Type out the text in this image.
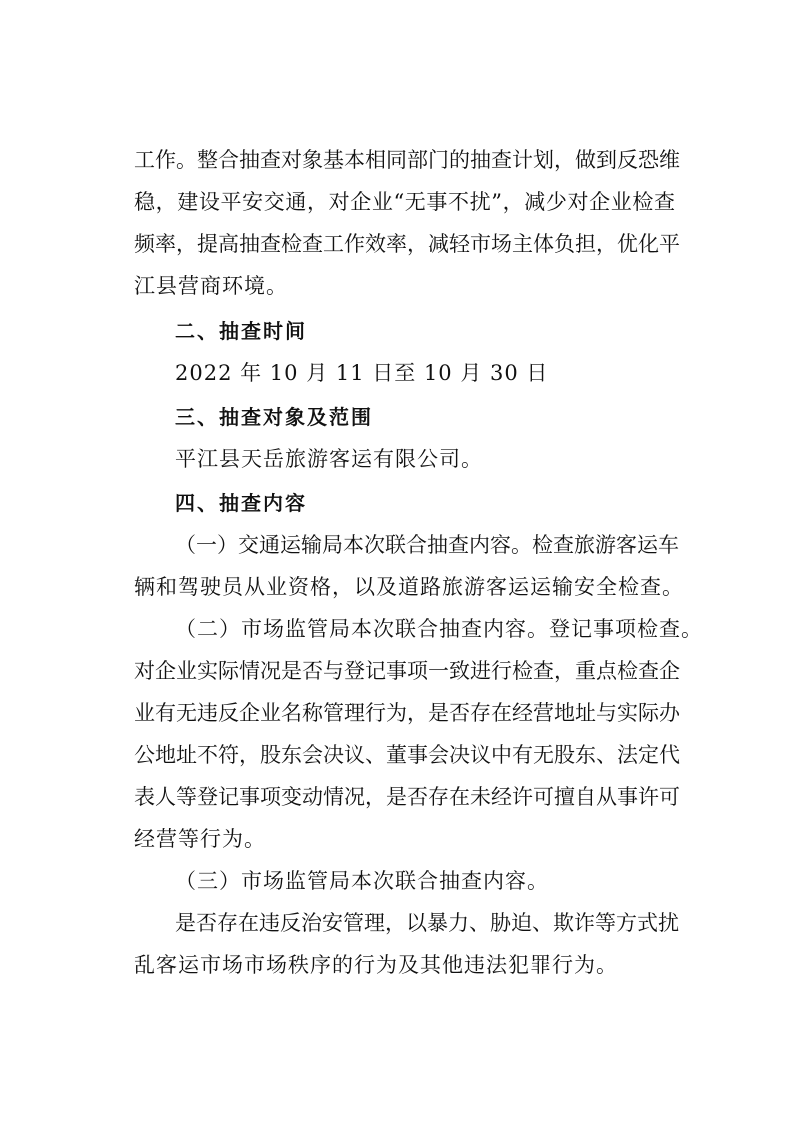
工作。整合抽查对象基本相同部门的抽查计划，做到反恐维
稳，建设平安交通，对企业“无事不扰”，减少对企业检查
频率，提高抽查检查工作效率，减轻市场主体负担，优化平
江县营商环境。
二、抽查时间
2022 年 10 月 11 日至 10 月 30 日
三、抽查对象及范围
平江县天岳旅游客运有限公司。
四、抽查内容
（一）交通运输局本次联合抽查内容。检查旅游客运车
辆和驾驶员从业资格，以及道路旅游客运运输安全检查。
（二）市场监管局本次联合抽查内容。登记事项检查。
对企业实际情况是否与登记事项一致进行检查，重点检查企
业有无违反企业名称管理行为，是否存在经营地址与实际办
公地址不符，股东会决议、董事会决议中有无股东、法定代
表人等登记事项变动情况，是否存在未经许可擅自从事许可
经营等行为。
（三）市场监管局本次联合抽查内容。
是否存在违反治安管理，以暴力、胁迫、欺诈等方式扰
乱客运市场市场秩序的行为及其他违法犯罪行为。
